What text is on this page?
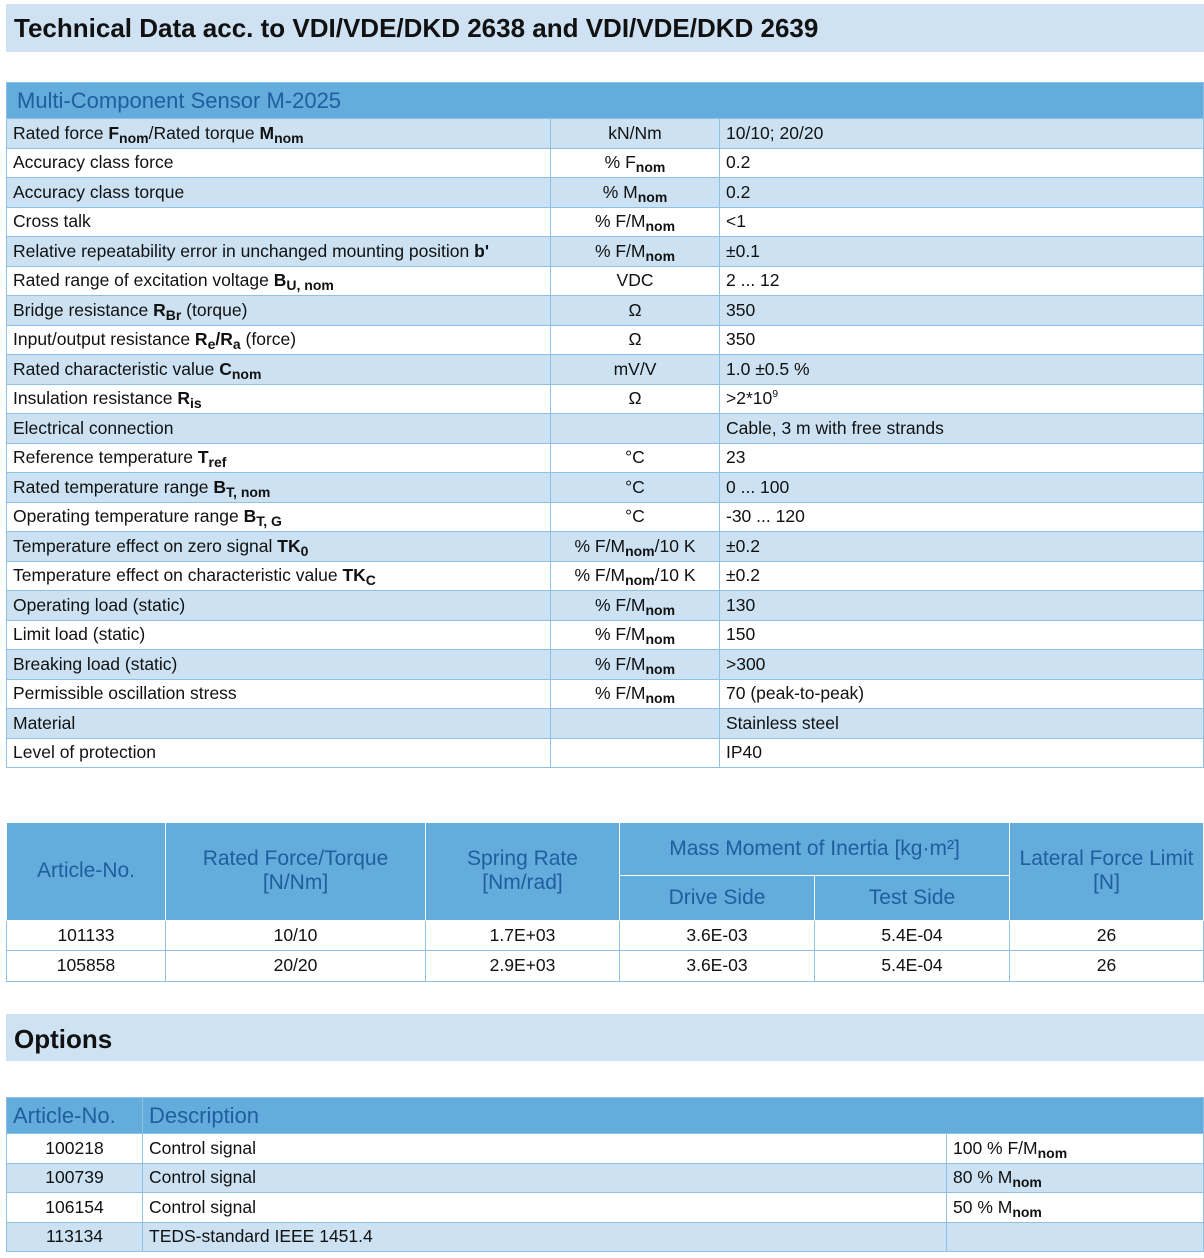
Technical Data acc. to VDI/VDE/DKD 2638 and VDI/VDE/DKD 2639
Multi-Component Sensor M-2025		
Rated force $F_{nom}$/Rated torque $M_{nom}$	kN/Nm	10/10; 20/20
Accuracy class force	% $F_{nom}$	0.2
Accuracy class torque	% $M_{nom}$	0.2
Cross talk	% $F/M_{nom}$	<1
Relative repeatability error in unchanged mounting position b'	% $F/M_{nom}$	±0.1
Rated range of excitation voltage $B_{U, nom}$	VDC	2 ... 12
Bridge resistance $R_{Br}$ (torque)	Ω	350
Input/output resistance $R_e/R_a$ (force)	Ω	350
Rated characteristic value $C_{nom}$	mV/V	1.0 ±0.5 %
Insulation resistance $R_{is}$	Ω	$>2*10^9$
Electrical connection		Cable, 3 m with free strands
Reference temperature $T_{ref}$	°C	23
Rated temperature range $B_{T, nom}$	°C	0 ... 100
Operating temperature range $B_{T, G}$	°C	-30 ... 120
Temperature effect on zero signal $TK_0$	% $F/M_{nom}/10$ K	±0.2
Temperature effect on characteristic value $TK_C$	% $F/M_{nom}/10$ K	±0.2
Operating load (static)	% $F/M_{nom}$	130
Limit load (static)	% $F/M_{nom}$	150
Breaking load (static)	% $F/M_{nom}$	>300
Permissible oscillation stress	% $F/M_{nom}$	70 (peak-to-peak)
Material		Stainless steel
Level of protection		IP40
Article-No.	Rated Force/Torque [N/Nm]	Spring Rate [Nm/rad]	Mass Moment of Inertia [kg·m²]		Lateral Force Limit [N]
			Drive Side	Test Side	
101133	10/10	1.7E+03	3.6E-03	5.4E-04	26
105858	20/20	2.9E+03	3.6E-03	5.4E-04	26
Options
Article-No.	Description	
100218	Control signal	100 % $F/M_{nom}$
100739	Control signal	80 % $M_{nom}$
106154	Control signal	50 % $M_{nom}$
113134	TEDS-standard IEEE 1451.4	
